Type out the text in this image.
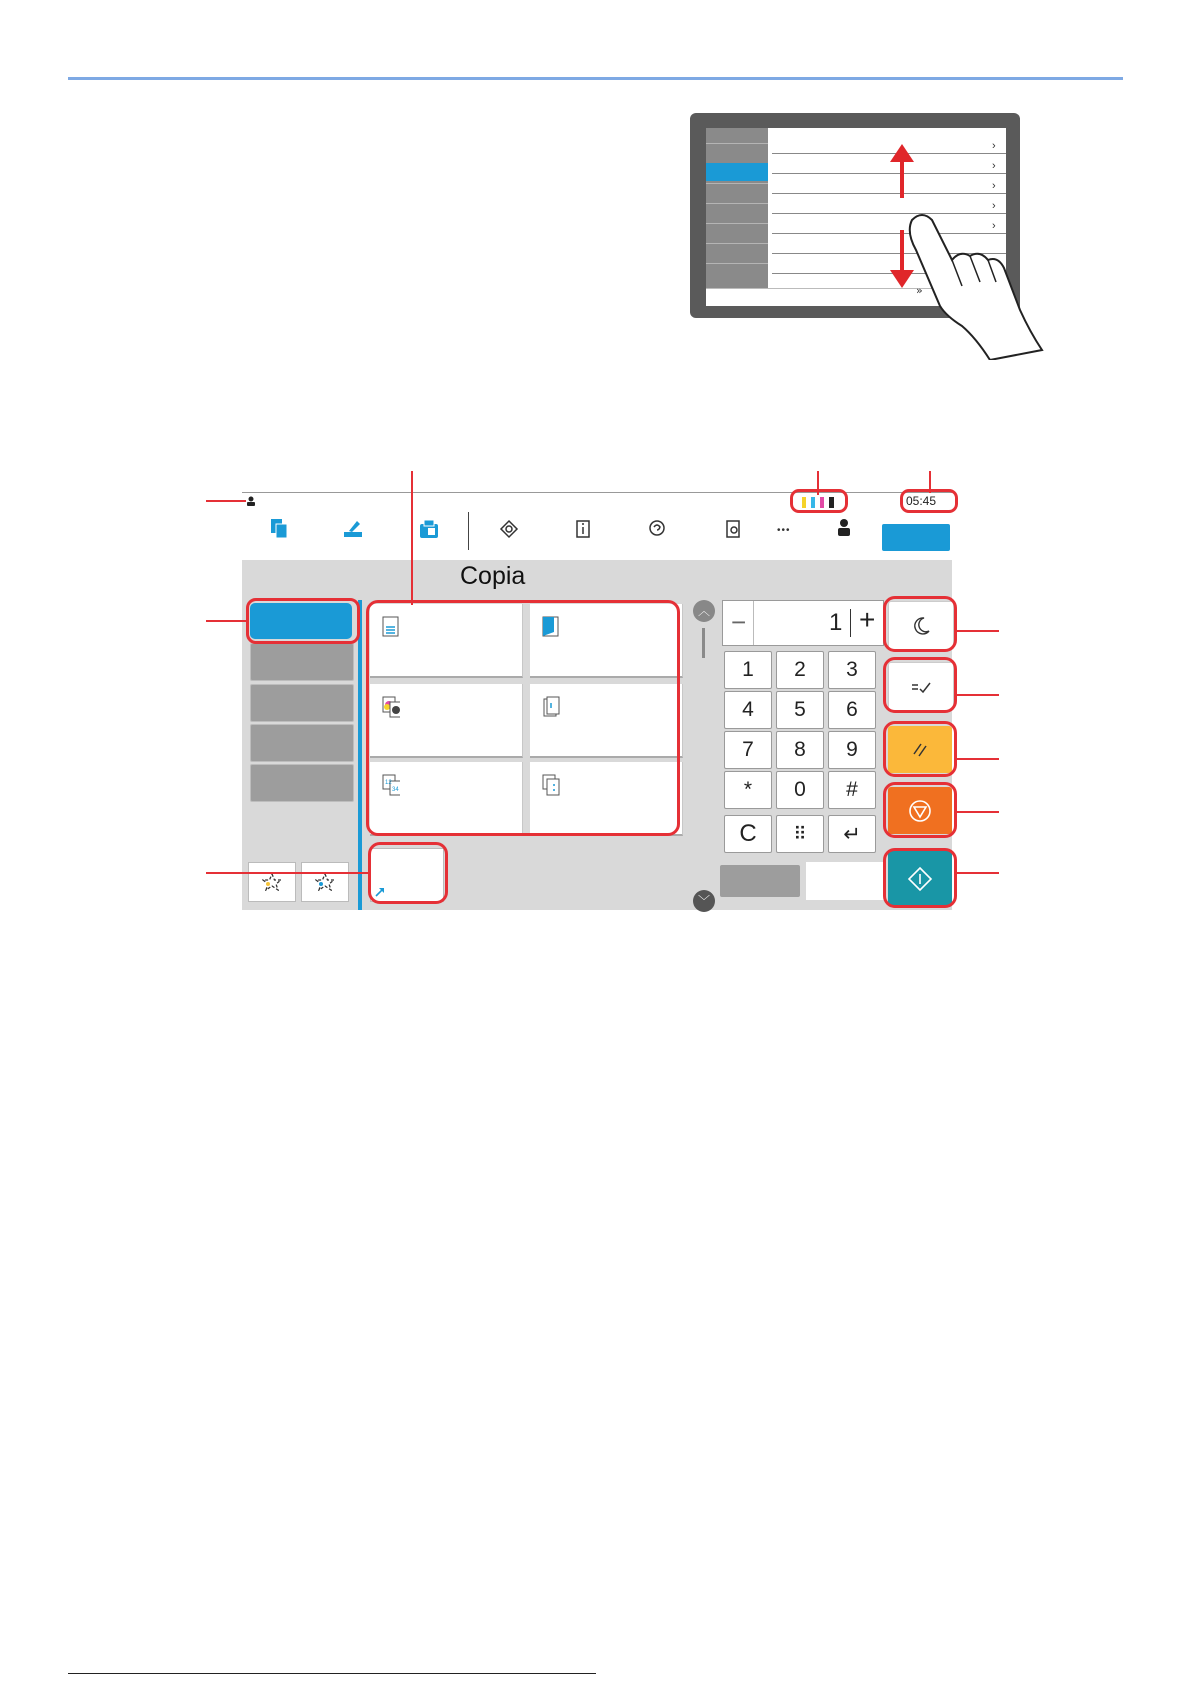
›
›
›
›
›
»
05:45
•••
Copia
12
34
︿
﹀
−	1 +
1	2	3
4	5	6
7	8	9
*	0	#
C	⠿	↵
